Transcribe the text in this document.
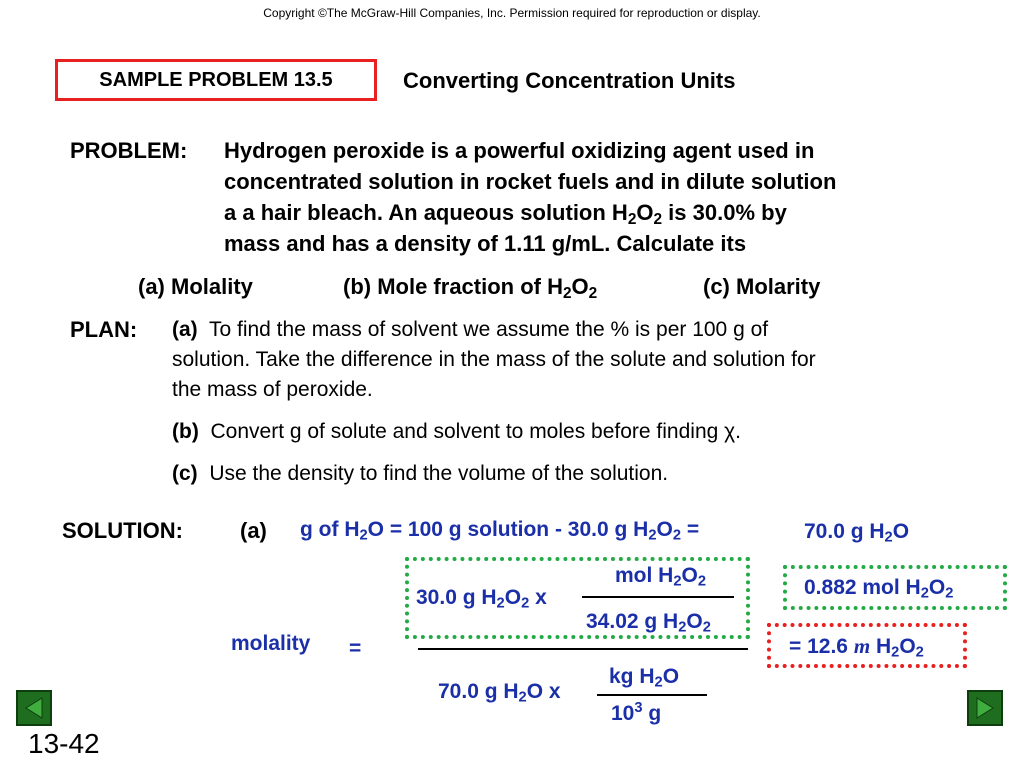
Copyright ©The McGraw-Hill Companies, Inc. Permission required for reproduction or display.
SAMPLE PROBLEM 13.5	Converting Concentration Units
PROBLEM: Hydrogen peroxide is a powerful oxidizing agent used in
concentrated solution in rocket fuels and in dilute solution
a a hair bleach. An aqueous solution $H_2O_2$ is 30.0% by
mass and has a density of 1.11 g/mL. Calculate its
(a) Molality	(b) Mole fraction of $H_2O_2$	(c) Molarity
PLAN: (a) To find the mass of solvent we assume the % is per 100 g of
solution. Take the difference in the mass of the solute and solution for
the mass of peroxide.
(b) Convert g of solute and solvent to moles before finding χ.
(c) Use the density to find the volume of the solution.
SOLUTION:	(a) g of $H_2O = 100$ g solution - 30.0 g $H_2O_2$ =	70.0 g $H_2O$
mol $H_2O_2$
30.0 g $H_2O_2$ x
34.02 g $H_2O_2$
0.882 mol $H_2O_2$
molality =	= 12.6 m $H_2O_2$
kg $H_2O$
70.0 g $H_2O$ x
$10^3$ g
13-42
